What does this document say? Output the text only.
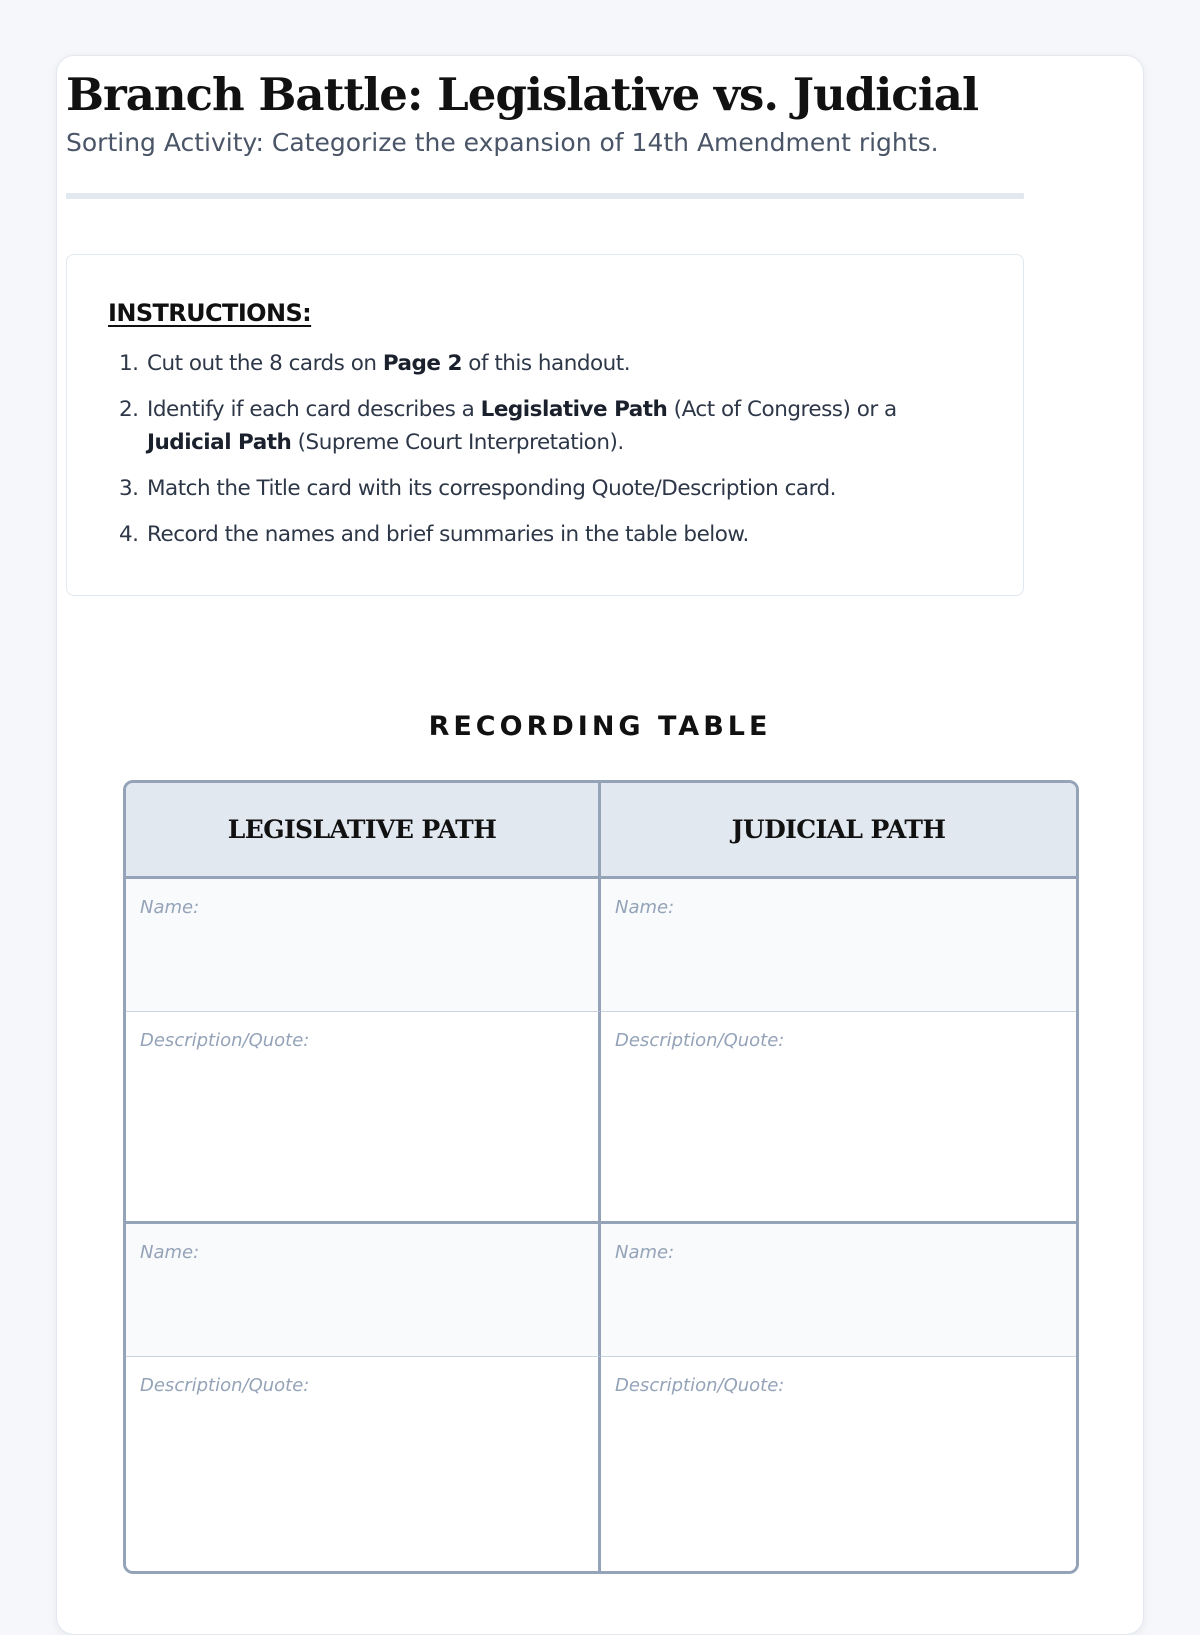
Branch Battle: Legislative vs. Judicial

Sorting Activity: Categorize the expansion of 14th Amendment rights.

INSTRUCTIONS:
1. Cut out the 8 cards on Page 2 of this handout.
2. Identify if each card describes a Legislative Path (Act of Congress) or a Judicial Path (Supreme Court Interpretation).
3. Match the Title card with its corresponding Quote/Description card.
4. Record the names and brief summaries in the table below.
RECORDING TABLE
LEGISLATIVE PATH	JUDICIAL PATH
Name:	Name:
Description/Quote:	Description/Quote:
Name:	Name:
Description/Quote:	Description/Quote:
